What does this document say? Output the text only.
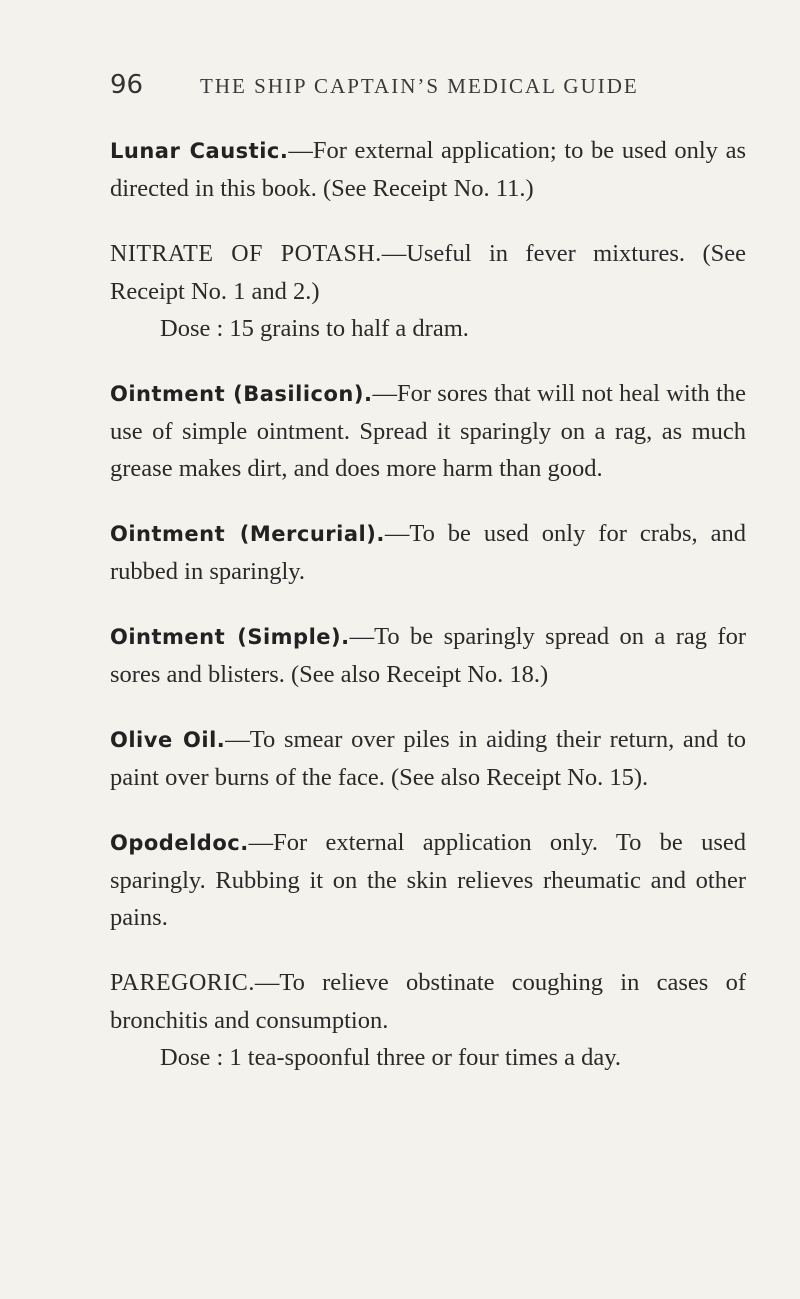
96	THE SHIP CAPTAIN’S MEDICAL GUIDE

Lunar Caustic.—For external application; to be used only as directed in this book. (See Receipt No. 11.)

NITRATE OF POTASH.—Useful in fever mixtures. (See Receipt No. 1 and 2.)
Dose : 15 grains to half a dram.

Ointment (Basilicon).—For sores that will not heal with the use of simple ointment. Spread it sparingly on a rag, as much grease makes dirt, and does more harm than good.

Ointment (Mercurial).—To be used only for crabs, and rubbed in sparingly.

Ointment (Simple).—To be sparingly spread on a rag for sores and blisters. (See also Receipt No. 18.)

Olive Oil.—To smear over piles in aiding their return, and to paint over burns of the face. (See also Receipt No. 15).

Opodeldoc.—For external application only. To be used sparingly. Rubbing it on the skin relieves rheumatic and other pains.

PAREGORIC.—To relieve obstinate coughing in cases of bronchitis and consumption.
Dose : 1 tea-spoonful three or four times a day.
